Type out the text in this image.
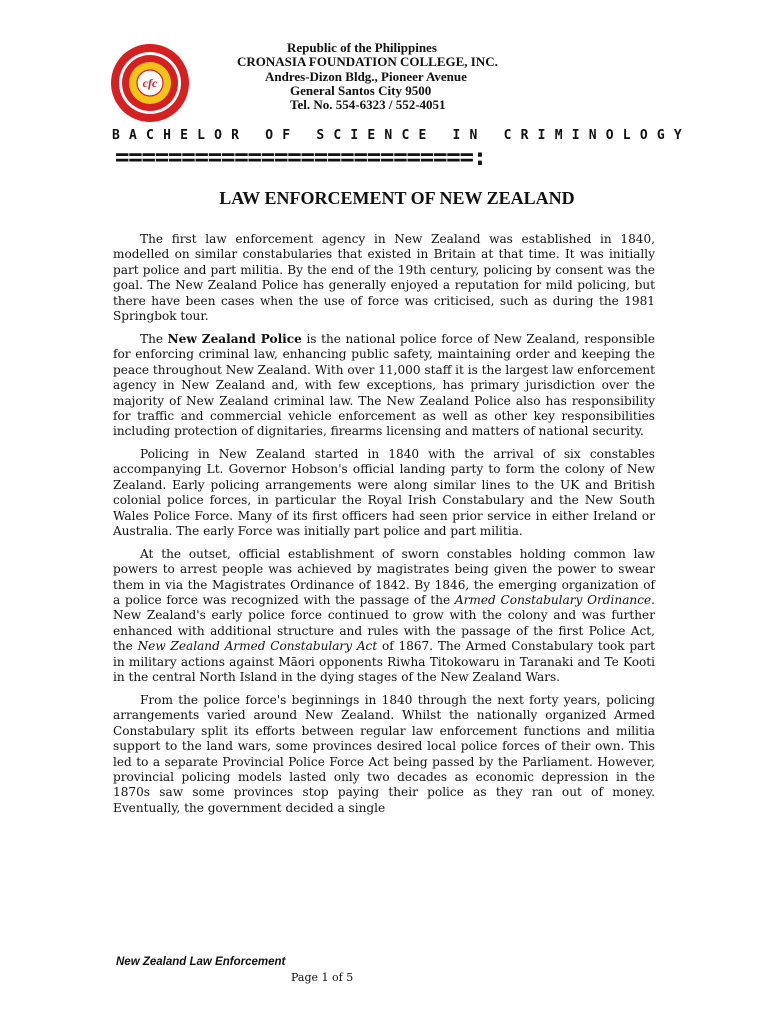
cfc
Republic of the Philippines
CRONASIA FOUNDATION COLLEGE, INC.
Andres-Dizon Bldg., Pioneer Avenue
General Santos City 9500
Tel. No. 554-6323 / 552-4051
BACHELOR OF SCIENCE IN CRIMINOLOGY
===========================:
LAW ENFORCEMENT OF NEW ZEALAND

The first law enforcement agency in New Zealand was established in 1840, modelled on similar constabularies that existed in Britain at that time. It was initially part police and part militia. By the end of the 19th century, policing by consent was the goal. The New Zealand Police has generally enjoyed a reputation for mild policing, but there have been cases when the use of force was criticised, such as during the 1981 Springbok tour.

The New Zealand Police is the national police force of New Zealand, responsible for enforcing criminal law, enhancing public safety, maintaining order and keeping the peace throughout New Zealand. With over 11,000 staff it is the largest law enforcement agency in New Zealand and, with few exceptions, has primary jurisdiction over the majority of New Zealand criminal law. The New Zealand Police also has responsibility for traffic and commercial vehicle enforcement as well as other key responsibilities including protection of dignitaries, firearms licensing and matters of national security.

Policing in New Zealand started in 1840 with the arrival of six constables accompanying Lt. Governor Hobson's official landing party to form the colony of New Zealand. Early policing arrangements were along similar lines to the UK and British colonial police forces, in particular the Royal Irish Constabulary and the New South Wales Police Force. Many of its first officers had seen prior service in either Ireland or Australia. The early Force was initially part police and part militia.

At the outset, official establishment of sworn constables holding common law powers to arrest people was achieved by magistrates being given the power to swear them in via the Magistrates Ordinance of 1842. By 1846, the emerging organization of a police force was recognized with the passage of the Armed Constabulary Ordinance. New Zealand's early police force continued to grow with the colony and was further enhanced with additional structure and rules with the passage of the first Police Act, the New Zealand Armed Constabulary Act of 1867. The Armed Constabulary took part in military actions against Māori opponents Riwha Titokowaru in Taranaki and Te Kooti in the central North Island in the dying stages of the New Zealand Wars.

From the police force's beginnings in 1840 through the next forty years, policing arrangements varied around New Zealand. Whilst the nationally organized Armed Constabulary split its efforts between regular law enforcement functions and militia support to the land wars, some provinces desired local police forces of their own. This led to a separate Provincial Police Force Act being passed by the Parliament. However, provincial policing models lasted only two decades as economic depression in the 1870s saw some provinces stop paying their police as they ran out of money. Eventually, the government decided a single

New Zealand Law Enforcement
Page 1 of 5
